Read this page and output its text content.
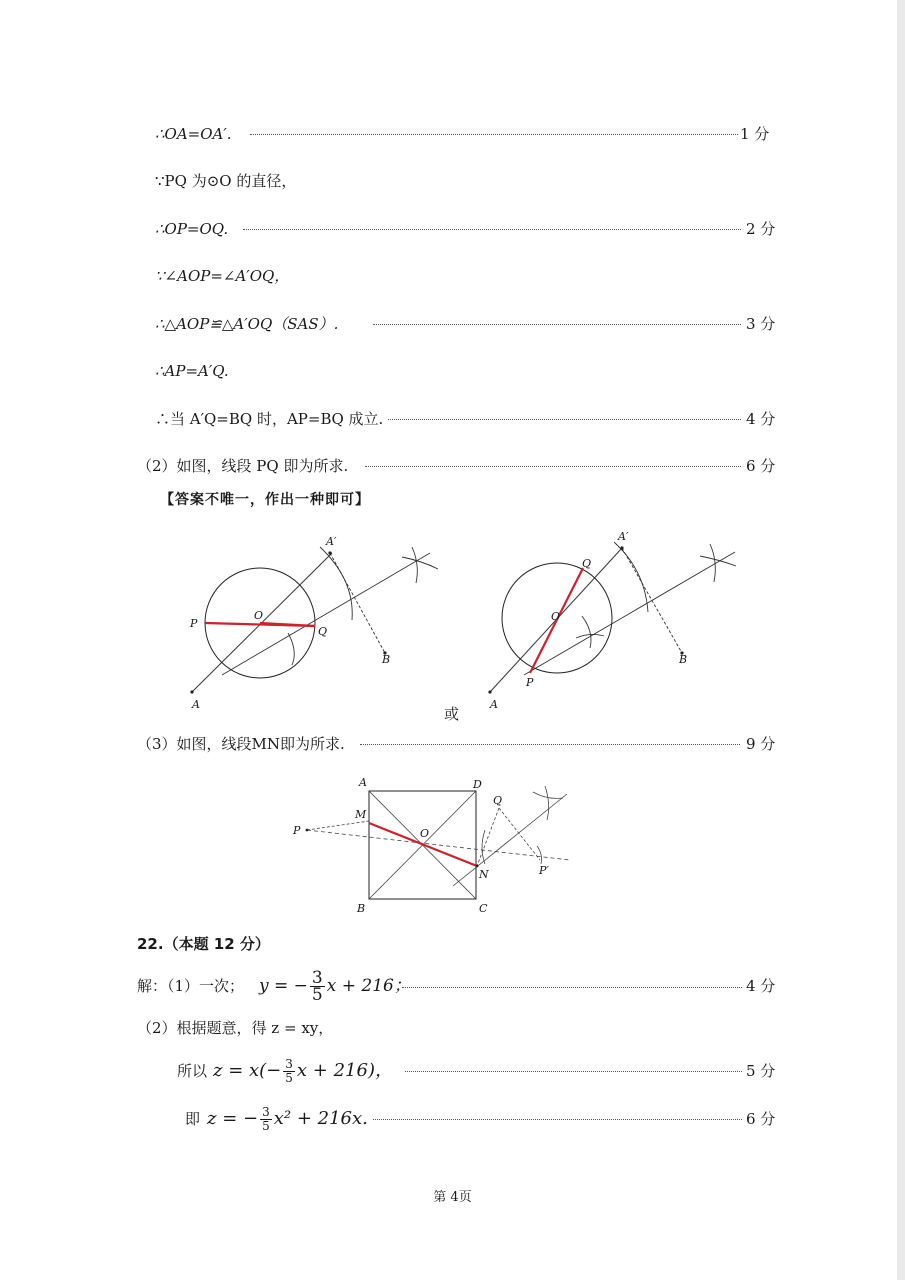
∴OA=OA′.	1 分
∵PQ 为⊙O 的直径，
∴OP=OQ.	2 分
∵∠AOP=∠A′OQ，
∴△AOP≌△A′OQ（SAS）.	3 分
∴AP=A′Q.
∴当 A′Q=BQ 时，AP=BQ 成立.	4 分
（2）如图，线段 PQ 即为所求.	6 分
【答案不唯一，作出一种即可】
A
A′
B
O
P
Q
或
A
A′
B
O
P
Q
（3）如图，线段MN即为所求.	9 分
A	D
B	C
M
N
O
P
P′
Q
22.（本题 12 分）
解：（1）一次； y = − $\frac{3}{5}$ x + 216；	4 分
（2）根据题意，得 z = xy，
所以 $z = x(- \frac{3}{5}$ x + 216)，	5 分
即 z = − $\frac{3}{5} x^2 + 216x$.	6 分
第 4页
